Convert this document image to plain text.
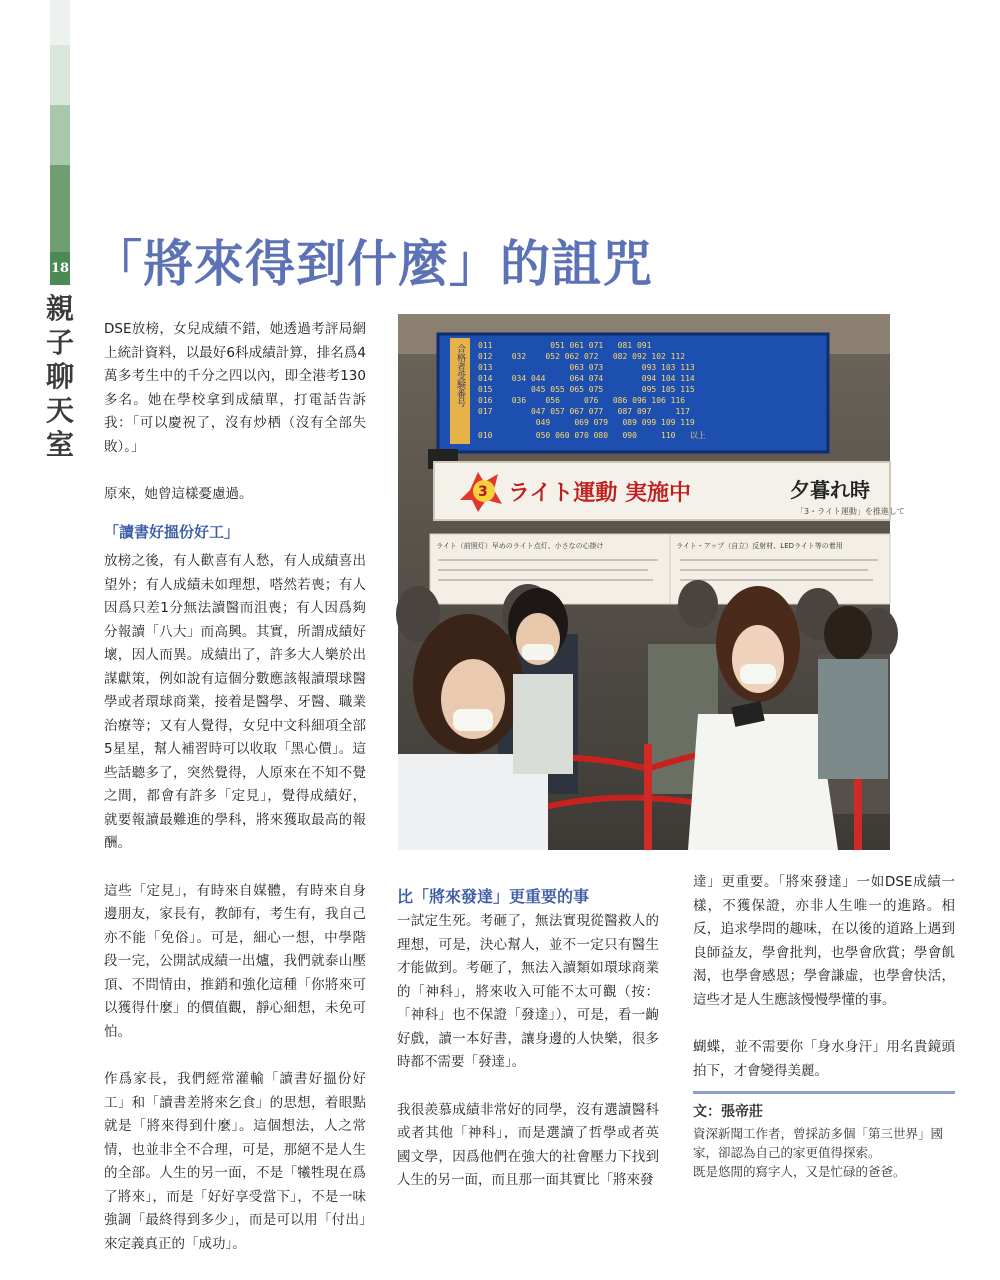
18
親
子
聊
天
室
「將來得到什麼」的詛咒

DSE放榜，女兒成績不錯，她透過考評局網上統計資料，以最好6科成績計算，排名爲4萬多考生中的千分之四以內，即全港考130多名。她在學校拿到成績單，打電話告訴我：「可以慶祝了，沒有炒栖（沒有全部失敗）。」

原來，她曾這樣憂慮過。

「讀書好搵份好工」

放榜之後，有人歡喜有人愁，有人成績喜出望外；有人成績未如理想，嗒然若喪；有人因爲只差1分無法讀醫而沮喪；有人因爲夠分報讀「八大」而高興。其實，所謂成績好壞，因人而異。成績出了，許多大人樂於出謀獻策，例如說有這個分數應該報讀環球醫學或者環球商業，接着是醫學、牙醫、職業治療等；又有人覺得，女兒中文科細項全部5星星，幫人補習時可以收取「黑心價」。這些話聽多了，突然覺得，人原來在不知不覺之間，都會有許多「定見」，覺得成績好，就要報讀最難進的學科，將來獲取最高的報酬。

這些「定見」，有時來自媒體，有時來自身邊朋友，家長有，教師有，考生有，我自己亦不能「免俗」。可是，細心一想，中學階段一完，公開試成績一出爐，我們就泰山壓頂、不問情由，推銷和強化這種「你將來可以獲得什麼」的價值觀，靜心細想，未免可怕。

作爲家長，我們經常灌輸「讀書好搵份好工」和「讀書差將來乞食」的思想，着眼點就是「將來得到什麼」。這個想法，人之常情，也並非全不合理，可是，那絕不是人生的全部。人生的另一面，不是「犧牲現在爲了將來」，而是「好好享受當下」，不是一味強調「最終得到多少」，而是可以用「付出」來定義真正的「成功」。

合格者受験番号 011            051 061 071   081 091
012    032    052 062 072   082 092 102 112
013                063 073        093 103 113
014    034 044     064 074        094 104 114
015        045 055 065 075        095 105 115
016    036    056     076   086 096 106 116
017        047 057 067 077   087 097     117
049     069 079   089 099 109 119
010         050 060 070 080   090     110   以上
3 ライト運動 実施中	夕暮れ時
「3・ライト運動」を推進して
ライト（前照灯）早めのライト点灯、小さなの心掛け	ライト・アップ（自立）反射材、LEDライト等の着用
比「將來發達」更重要的事

一試定生死。考砸了，無法實現從醫救人的理想，可是，決心幫人，並不一定只有醫生才能做到。考砸了，無法入讀類如環球商業的「神科」，將來收入可能不太可觀（按：「神科」也不保證「發達」），可是，看一齣好戲，讀一本好書，讓身邊的人快樂，很多時都不需要「發達」。

我很羨慕成績非常好的同學，沒有選讀醫科或者其他「神科」，而是選讀了哲學或者英國文學，因爲他們在強大的社會壓力下找到人生的另一面，而且那一面其實比「將來發

達」更重要。「將來發達」一如DSE成績一樣，不獲保證，亦非人生唯一的進路。相反，追求學問的趣味，在以後的道路上遇到良師益友，學會批判，也學會欣賞；學會飢渴，也學會感恩；學會謙虛，也學會快活，這些才是人生應該慢慢學懂的事。

蝴蝶，並不需要你「身水身汗」用名貴鏡頭拍下，才會變得美麗。

文：張帝莊
資深新聞工作者，曾採訪多個「第三世界」國家，卻認為自己的家更值得探索。
既是悠閒的寫字人，又是忙碌的爸爸。
